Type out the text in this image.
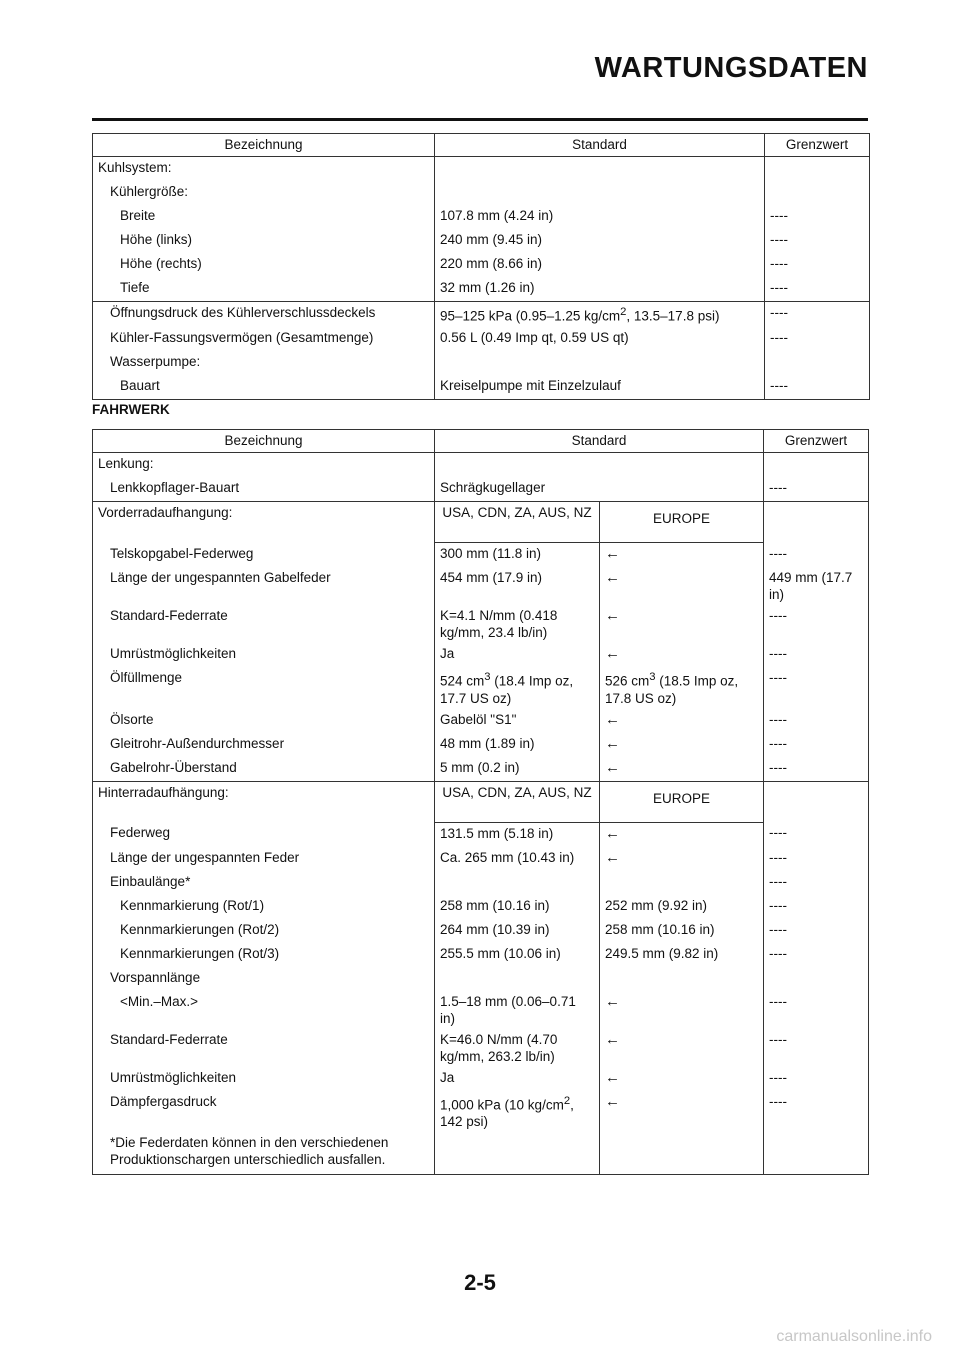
WARTUNGSDATEN
Bezeichnung	Standard	Grenzwert
Kuhlsystem:		
Kühlergröße:		
Breite	107.8 mm (4.24 in)	----
Höhe (links)	240 mm (9.45 in)	----
Höhe (rechts)	220 mm (8.66 in)	----
Tiefe	32 mm (1.26 in)	----
Öffnungsdruck des Kühlerverschlussdeckels	95–125 kPa (0.95–1.25 $kg/cm^2$, 13.5–17.8 psi)	----
Kühler-Fassungsvermögen (Gesamtmenge)	0.56 L (0.49 Imp qt, 0.59 US qt)	----
Wasserpumpe:		
Bauart	Kreiselpumpe mit Einzelzulauf	----
FAHRWERK
Bezeichnung	Standard		Grenzwert
Lenkung:			
Lenkkopflager-Bauart	Schrägkugellager		----
Vorderradaufhangung:	USA, CDN, ZA, AUS, NZ	EUROPE	
Telskopgabel-Federweg	300 mm (11.8 in)	←	----
Länge der ungespannten Gabelfeder	454 mm (17.9 in)	←	449 mm (17.7 in)
Standard-Federrate	K=4.1 N/mm (0.418 kg/mm, 23.4 lb/in)	←	----
Umrüstmöglichkeiten	Ja	←	----
Ölfüllmenge	524 $cm^3$ (18.4 Imp oz, 17.7 US oz)	526 $cm^3$ (18.5 Imp oz, 17.8 US oz)	----
Ölsorte	Gabelöl "S1"	←	----
Gleitrohr-Außendurchmesser	48 mm (1.89 in)	←	----
Gabelrohr-Überstand	5 mm (0.2 in)	←	----
Hinterradaufhängung:	USA, CDN, ZA, AUS, NZ	EUROPE	
Federweg	131.5 mm (5.18 in)	←	----
Länge der ungespannten Feder	Ca. 265 mm (10.43 in)	←	----
Einbaulänge*			----
Kennmarkierung (Rot/1)	258 mm (10.16 in)	252 mm (9.92 in)	----
Kennmarkierungen (Rot/2)	264 mm (10.39 in)	258 mm (10.16 in)	----
Kennmarkierungen (Rot/3)	255.5 mm (10.06 in)	249.5 mm (9.82 in)	----
Vorspannlänge			
<Min.–Max.>	1.5–18 mm (0.06–0.71 in)	←	----
Standard-Federrate	K=46.0 N/mm (4.70 kg/mm, 263.2 lb/in)	←	----
Umrüstmöglichkeiten	Ja	←	----
Dämpfergasdruck	1,000 kPa (10 $kg/cm^2$, 142 psi)	←	----
*Die Federdaten können in den verschiedenen Produktionschargen unterschiedlich ausfallen.			
2-5
carmanualsonline.info
